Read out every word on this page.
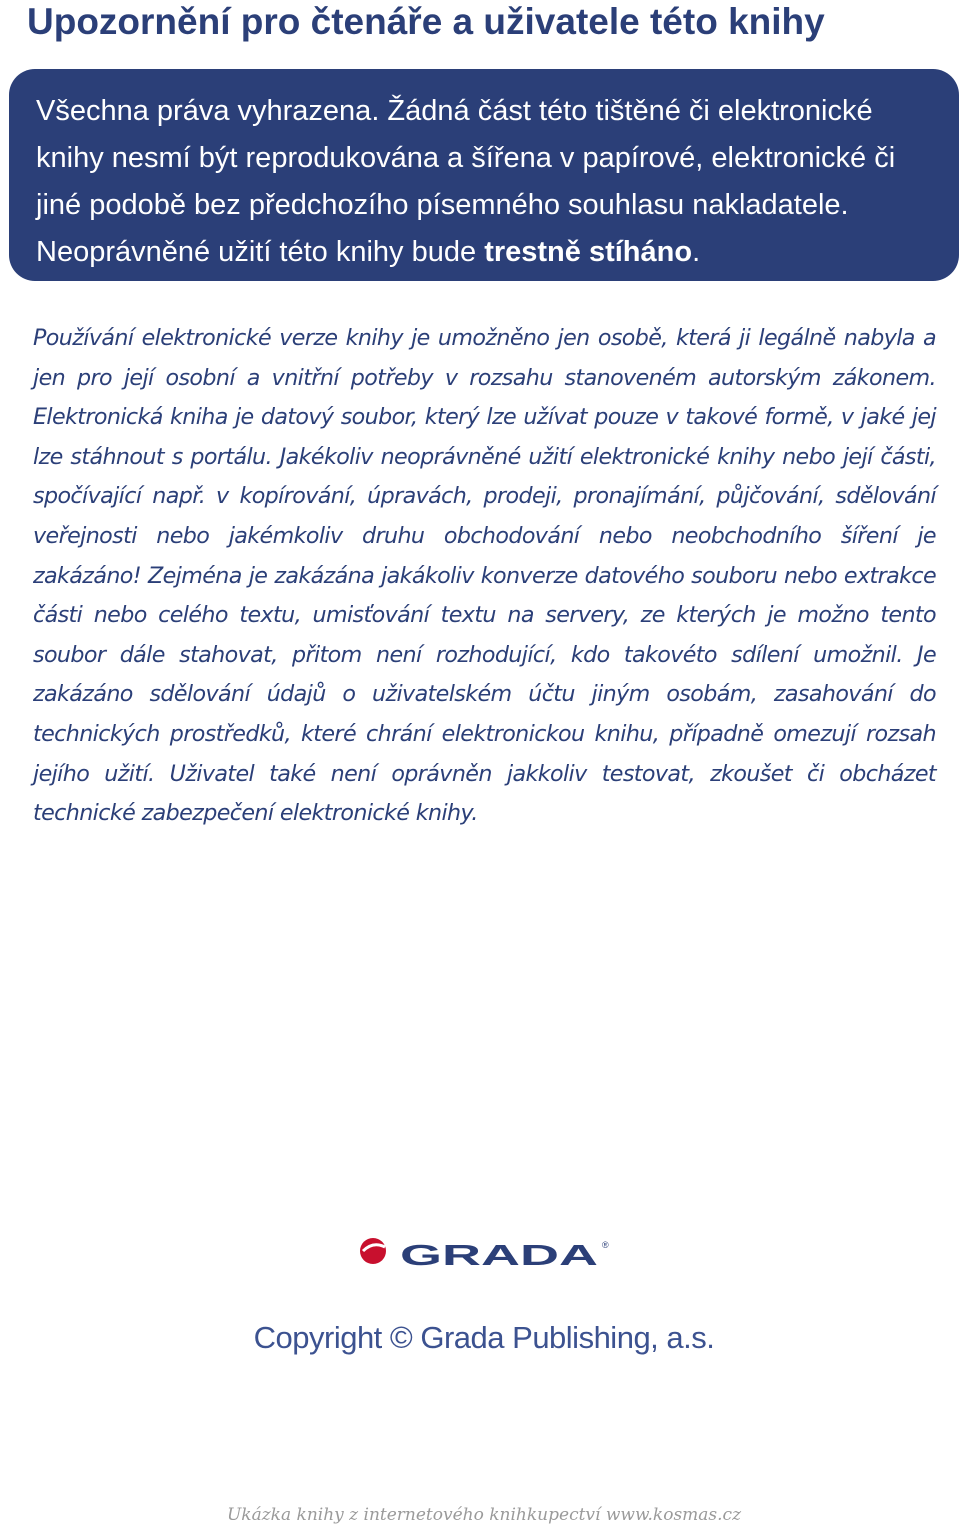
Upozornění pro čtenáře a uživatele této knihy
Všechna práva vyhrazena. Žádná část této tištěné či elektronické knihy nesmí být reprodukována a šířena v papírové, elektronické či jiné podobě bez předchozího písemného souhlasu nakladatele. Neoprávněné užití této knihy bude trestně stíháno.
Používání elektronické verze knihy je umožněno jen osobě, která ji legálně nabyla a jen pro její osobní a vnitřní potřeby v rozsahu stanoveném autorským zákonem. Elektronická kniha je datový soubor, který lze užívat pouze v takové formě, v jaké jej lze stáhnout s portálu. Jakékoliv neoprávněné užití elektronické knihy nebo její části, spočívající např. v kopírování, úpravách, prodeji, pronajímání, půjčování, sdělování veřejnosti nebo jakémkoliv druhu obchodování nebo neobchodního šíření je zakázáno! Zejména je zakázána jakákoliv konverze datového souboru nebo extrakce části nebo celého textu, umisťování textu na servery, ze kterých je možno tento soubor dále stahovat, přitom není rozhodující, kdo takovéto sdílení umožnil. Je zakázáno sdělování údajů o uživatelském účtu jiným osobám, zasahování do technických prostředků, které chrání elektronickou knihu, případně omezují rozsah jejího užití. Uživatel také není oprávněn jakkoliv testovat, zkoušet či obcházet technické zabezpečení elektronické knihy.
GRADA ®
Copyright © Grada Publishing, a.s.
Ukázka knihy z internetového knihkupectví www.kosmas.cz
